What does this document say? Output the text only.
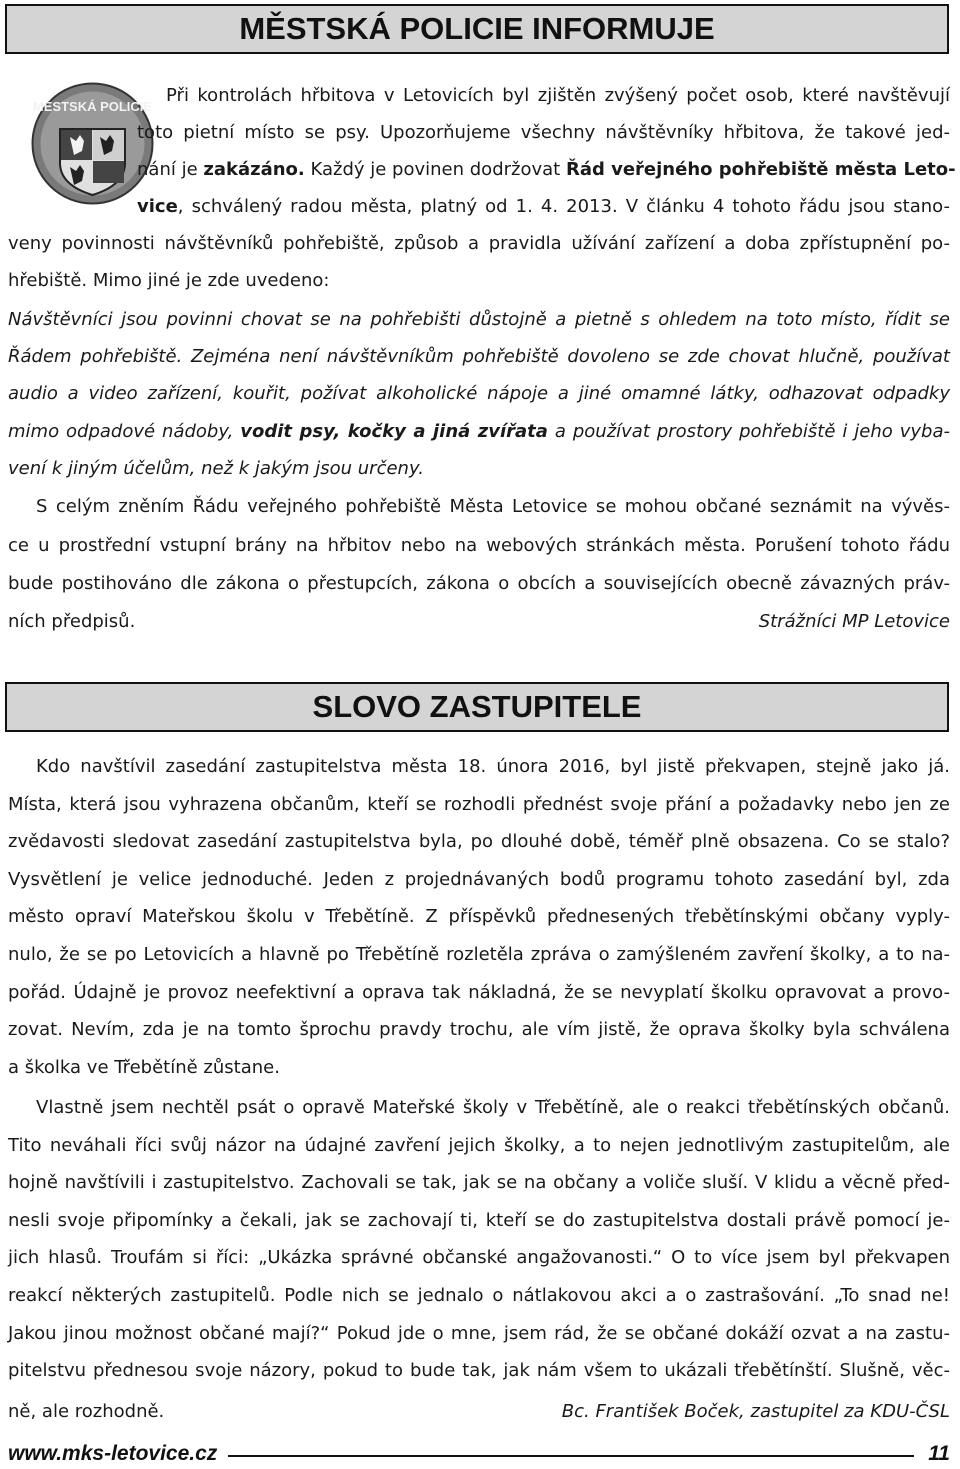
MĚSTSKÁ POLICIE INFORMUJE
MĚSTSKÁ POLICIE
Při kontrolách hřbitova v Letovicích byl zjištěn zvýšený počet osob, které navštěvují
toto pietní místo se psy. Upozorňujeme všechny návštěvníky hřbitova, že takové jed-
nání je zakázáno. Každý je povinen dodržovat Řád veřejného pohřebiště města Leto-
vice, schválený radou města, platný od 1. 4. 2013. V článku 4 tohoto řádu jsou stano-
veny povinnosti návštěvníků pohřebiště, způsob a pravidla užívání zařízení a doba zpřístupnění po-
hřebiště. Mimo jiné je zde uvedeno:
Návštěvníci jsou povinni chovat se na pohřebišti důstojně a pietně s ohledem na toto místo, řídit se
Řádem pohřebiště. Zejména není návštěvníkům pohřebiště dovoleno se zde chovat hlučně, používat
audio a video zařízení, kouřit, požívat alkoholické nápoje a jiné omamné látky, odhazovat odpadky
mimo odpadové nádoby, vodit psy, kočky a jiná zvířata a používat prostory pohřebiště i jeho vyba-
vení k jiným účelům, než k jakým jsou určeny.
S celým zněním Řádu veřejného pohřebiště Města Letovice se mohou občané seznámit na vývěs-
ce u prostřední vstupní brány na hřbitov nebo na webových stránkách města. Porušení tohoto řádu
bude postihováno dle zákona o přestupcích, zákona o obcích a souvisejících obecně závazných práv-
ních předpisů.	Strážníci MP Letovice
SLOVO ZASTUPITELE
Kdo navštívil zasedání zastupitelstva města 18. února 2016, byl jistě překvapen, stejně jako já.
Místa, která jsou vyhrazena občanům, kteří se rozhodli přednést svoje přání a požadavky nebo jen ze
zvědavosti sledovat zasedání zastupitelstva byla, po dlouhé době, téměř plně obsazena. Co se stalo?
Vysvětlení je velice jednoduché. Jeden z projednávaných bodů programu tohoto zasedání byl, zda
město opraví Mateřskou školu v Třebětíně. Z příspěvků přednesených třebětínskými občany vyply-
nulo, že se po Letovicích a hlavně po Třebětíně rozletěla zpráva o zamýšleném zavření školky, a to na-
pořád. Údajně je provoz neefektivní a oprava tak nákladná, že se nevyplatí školku opravovat a provo-
zovat. Nevím, zda je na tomto šprochu pravdy trochu, ale vím jistě, že oprava školky byla schválena
a školka ve Třebětíně zůstane.
Vlastně jsem nechtěl psát o opravě Mateřské školy v Třebětíně, ale o reakci třebětínských občanů.
Tito neváhali říci svůj názor na údajné zavření jejich školky, a to nejen jednotlivým zastupitelům, ale
hojně navštívili i zastupitelstvo. Zachovali se tak, jak se na občany a voliče sluší. V klidu a věcně před-
nesli svoje připomínky a čekali, jak se zachovají ti, kteří se do zastupitelstva dostali právě pomocí je-
jich hlasů. Troufám si říci: „Ukázka správné občanské angažovanosti.“ O to více jsem byl překvapen
reakcí některých zastupitelů. Podle nich se jednalo o nátlakovou akci a o zastrašování. „To snad ne!
Jakou jinou možnost občané mají?“ Pokud jde o mne, jsem rád, že se občané dokáží ozvat a na zastu-
pitelstvu přednesou svoje názory, pokud to bude tak, jak nám všem to ukázali třebětínští. Slušně, věc-
ně, ale rozhodně.	Bc. František Boček, zastupitel za KDU-ČSL
www.mks-letovice.cz	11
